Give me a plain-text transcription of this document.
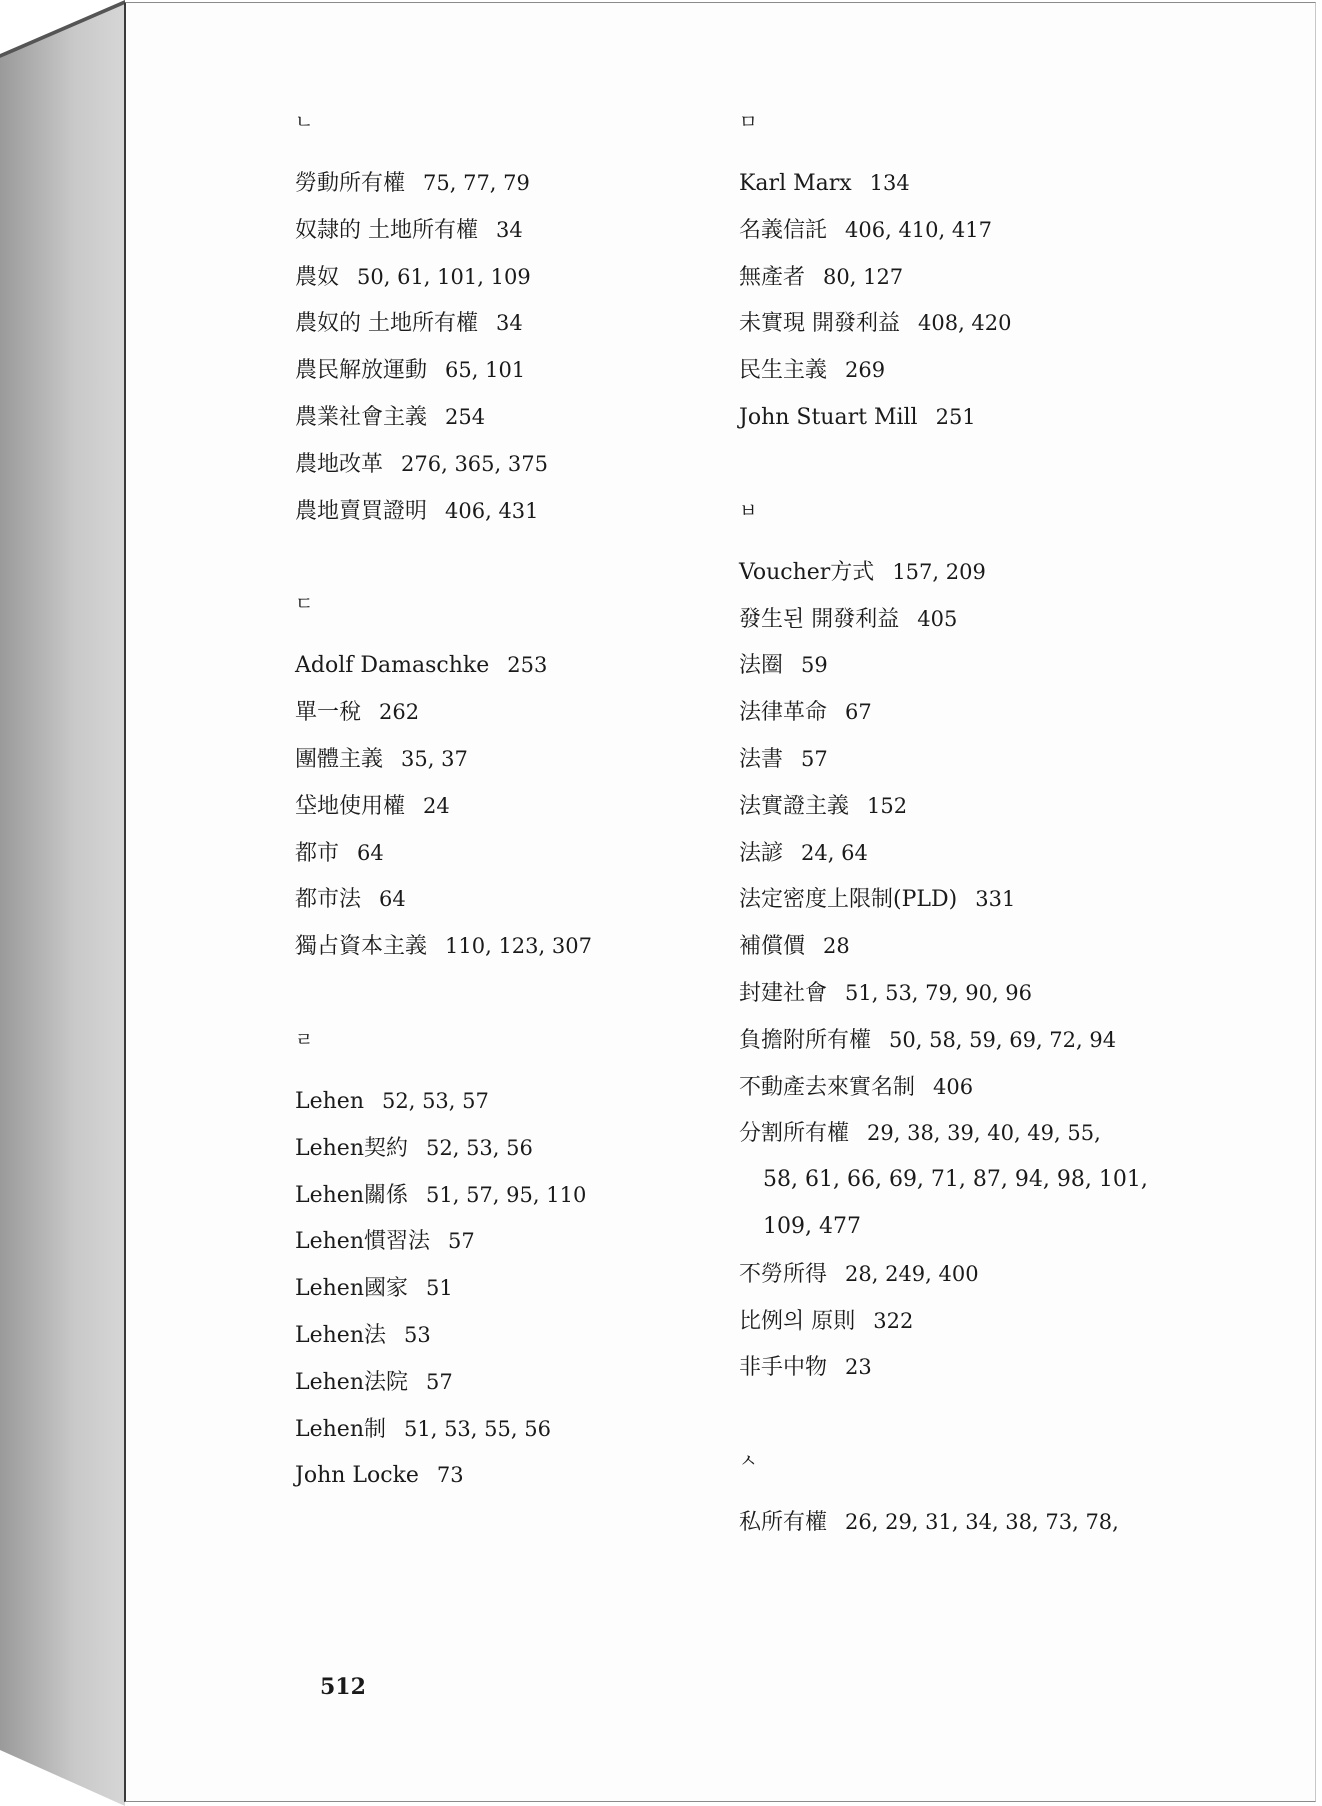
ㄴ
勞動所有權 75, 77, 79
奴隷的 土地所有權 34
農奴 50, 61, 101, 109
農奴的 土地所有權 34
農民解放運動 65, 101
農業社會主義 254
農地改革 276, 365, 375
農地賣買證明 406, 431
ㄷ
Adolf Damaschke 253
單一稅 262
團體主義 35, 37
垈地使用權 24
都市 64
都市法 64
獨占資本主義 110, 123, 307
ㄹ
Lehen 52, 53, 57
Lehen契約 52, 53, 56
Lehen關係 51, 57, 95, 110
Lehen慣習法 57
Lehen國家 51
Lehen法 53
Lehen法院 57
Lehen制 51, 53, 55, 56
John Locke 73
ㅁ
Karl Marx 134
名義信託 406, 410, 417
無產者 80, 127
未實現 開發利益 408, 420
民生主義 269
John Stuart Mill 251
ㅂ
Voucher方式 157, 209
發生된 開發利益 405
法圈 59
法律革命 67
法書 57
法實證主義 152
法諺 24, 64
法定密度上限制(PLD) 331
補償價 28
封建社會 51, 53, 79, 90, 96
負擔附所有權 50, 58, 59, 69, 72, 94
不動產去來實名制 406
分割所有權 29, 38, 39, 40, 49, 55,
58, 61, 66, 69, 71, 87, 94, 98, 101,
109, 477
不勞所得 28, 249, 400
比例의 原則 322
非手中物 23
ㅅ
私所有權 26, 29, 31, 34, 38, 73, 78,
512
